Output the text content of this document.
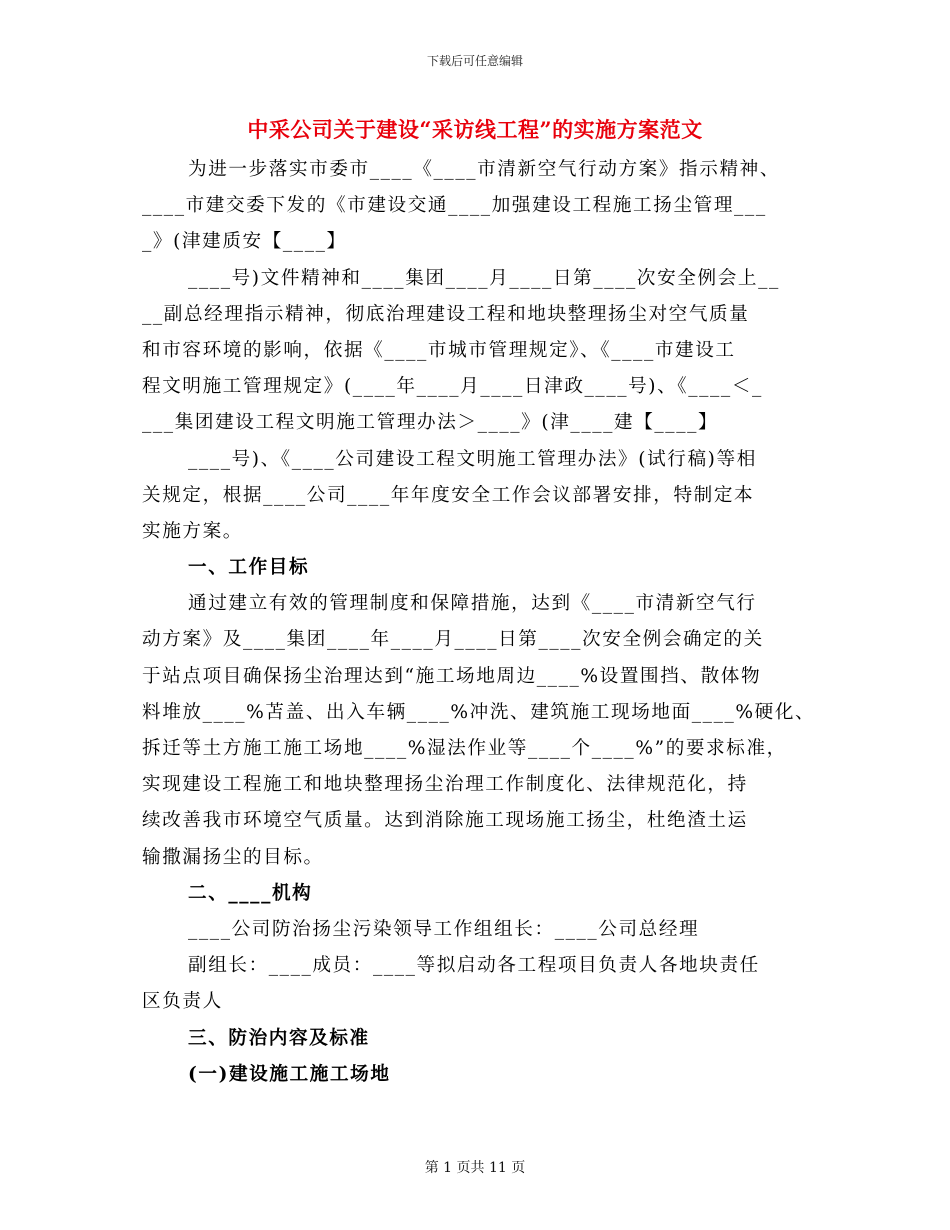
下载后可任意编辑
中采公司关于建设“采访线工程”的实施方案范文
为进一步落实市委市____《____市清新空气行动方案》指示精神、
____市建交委下发的《市建设交通____加强建设工程施工扬尘管理___
_》(津建质安【____】
____号)文件精神和____集团____月____日第____次安全例会上__
__副总经理指示精神，彻底治理建设工程和地块整理扬尘对空气质量
和市容环境的影响，依据《____市城市管理规定》、《____市建设工
程文明施工管理规定》(____年____月____日津政____号)、《____＜_
___集团建设工程文明施工管理办法＞____》(津____建【____】
____号)、《____公司建设工程文明施工管理办法》(试行稿)等相
关规定，根据____公司____年年度安全工作会议部署安排，特制定本
实施方案。
一、工作目标
通过建立有效的管理制度和保障措施，达到《____市清新空气行
动方案》及____集团____年____月____日第____次安全例会确定的关
于站点项目确保扬尘治理达到“施工场地周边____%设置围挡、散体物
料堆放____%苫盖、出入车辆____%冲洗、建筑施工现场地面____%硬化、
拆迁等土方施工施工场地____%湿法作业等____个____%”的要求标准，
实现建设工程施工和地块整理扬尘治理工作制度化、法律规范化，持
续改善我市环境空气质量。达到消除施工现场施工扬尘，杜绝渣土运
输撒漏扬尘的目标。
二、____机构
____公司防治扬尘污染领导工作组组长：____公司总经理
副组长：____成员：____等拟启动各工程项目负责人各地块责任
区负责人
三、防治内容及标准
(一)建设施工施工场地
第 1 页共 11 页
